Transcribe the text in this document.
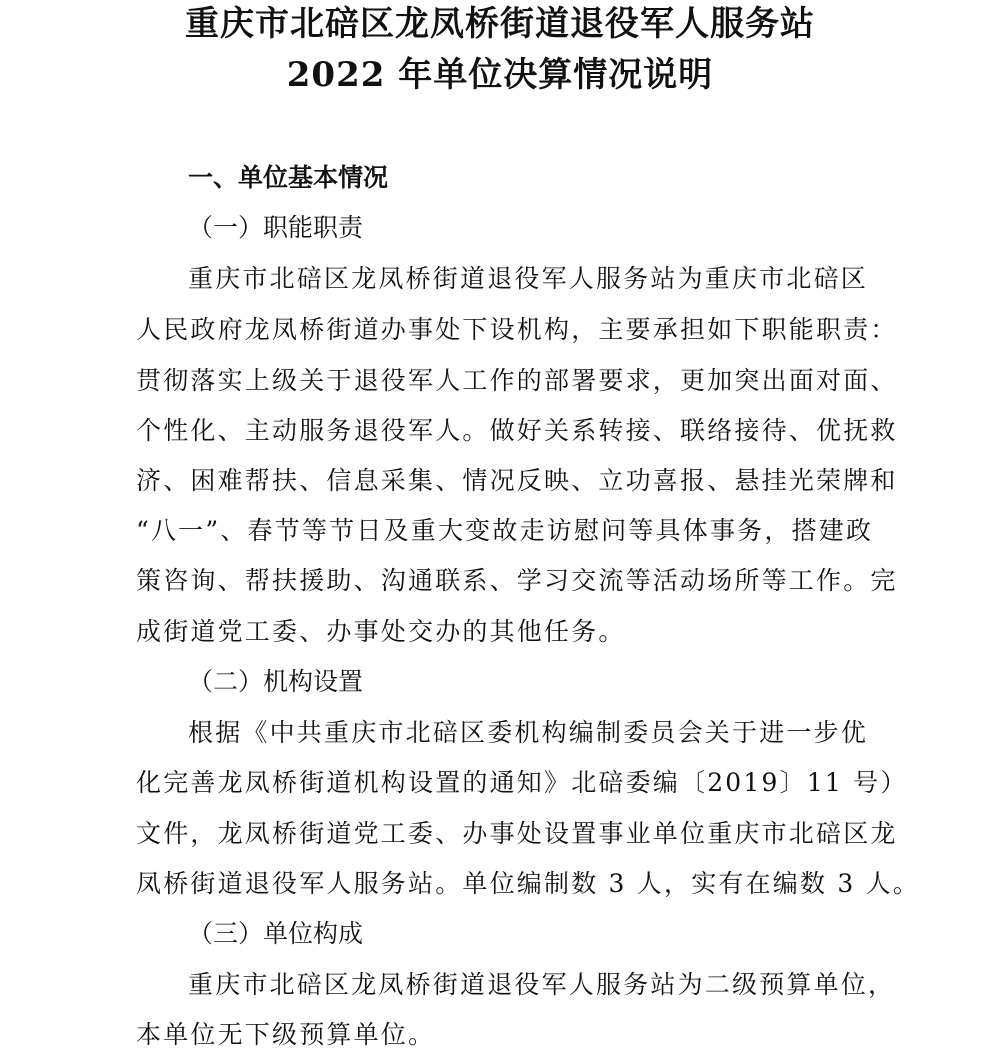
重庆市北碚区龙凤桥街道退役军人服务站
2022 年单位决算情况说明
一、单位基本情况
（一）职能职责
重庆市北碚区龙凤桥街道退役军人服务站为重庆市北碚区
人民政府龙凤桥街道办事处下设机构，主要承担如下职能职责：
贯彻落实上级关于退役军人工作的部署要求，更加突出面对面、
个性化、主动服务退役军人。做好关系转接、联络接待、优抚救
济、困难帮扶、信息采集、情况反映、立功喜报、悬挂光荣牌和
“八一”、春节等节日及重大变故走访慰问等具体事务，搭建政
策咨询、帮扶援助、沟通联系、学习交流等活动场所等工作。完
成街道党工委、办事处交办的其他任务。
（二）机构设置
根据《中共重庆市北碚区委机构编制委员会关于进一步优
化完善龙凤桥街道机构设置的通知》北碚委编〔2019〕11 号）
文件，龙凤桥街道党工委、办事处设置事业单位重庆市北碚区龙
凤桥街道退役军人服务站。单位编制数 3 人，实有在编数 3 人。
（三）单位构成
重庆市北碚区龙凤桥街道退役军人服务站为二级预算单位，
本单位无下级预算单位。
